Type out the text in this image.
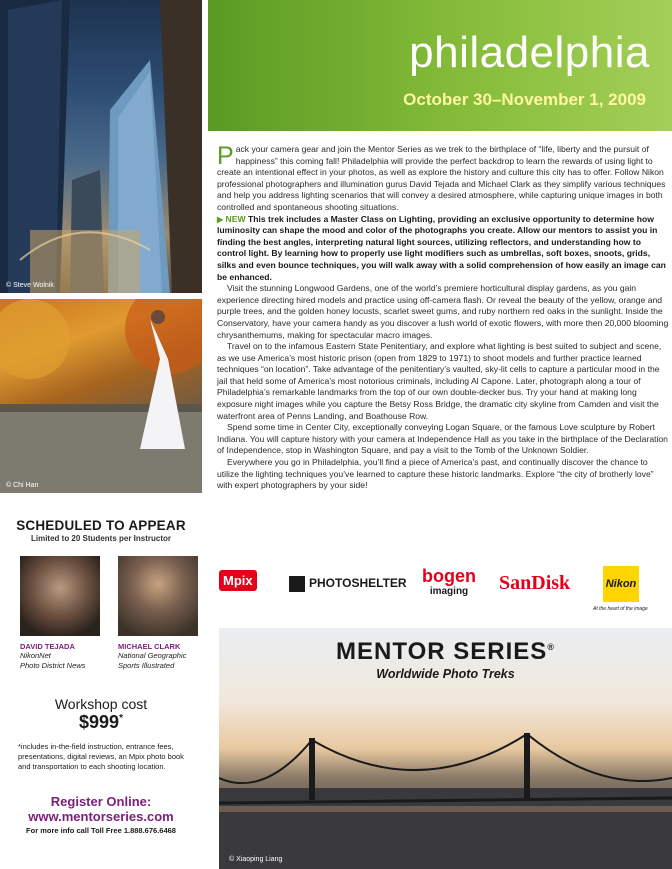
© Steve Wolnik
© Chi Han
SCHEDULED TO APPEAR
Limited to 20 Students per Instructor
DAVID TEJADA
NikonNet
Photo District News
MICHAEL CLARK
National Geographic
Sports Illustrated
Workshop cost
$999*
*includes in-the-field instruction, entrance fees, presentations, digital reviews, an Mpix photo book and transportation to each shooting location.
Register Online:
www.mentorseries.com
For more info call Toll Free 1.888.676.6468
philadelphia
October 30–November 1, 2009

Pack your camera gear and join the Mentor Series as we trek to the birthplace of “life, liberty and the pursuit of happiness” this coming fall! Philadelphia will provide the perfect backdrop to learn the rewards of using light to create an intentional effect in your photos, as well as explore the history and culture this city has to offer. Follow Nikon professional photographers and illumination gurus David Tejada and Michael Clark as they simplify various techniques and help you address lighting scenarios that will convey a desired atmosphere, while capturing unique images in both controlled and spontaneous shooting situations.

▶ NEW This trek includes a Master Class on Lighting, providing an exclusive opportunity to determine how luminosity can shape the mood and color of the photographs you create. Allow our mentors to assist you in finding the best angles, interpreting natural light sources, utilizing reflectors, and understanding how to control light. By learning how to properly use light modifiers such as umbrellas, soft boxes, snoots, grids, silks and even bounce techniques, you will walk away with a solid comprehension of how easily an image can be enhanced.

Visit the stunning Longwood Gardens, one of the world’s premiere horticultural display gardens, as you gain experience directing hired models and practice using off-camera flash. Or reveal the beauty of the yellow, orange and purple trees, and the golden honey locusts, scarlet sweet gums, and ruby northern red oaks in the sunlight. Inside the Conservatory, have your camera handy as you discover a lush world of exotic flowers, with more then 20,000 blooming chrysanthemums, making for spectacular macro images.

Travel on to the infamous Eastern State Penitentiary, and explore what lighting is best suited to subject and scene, as we use America’s most historic prison (open from 1829 to 1971) to shoot models and further practice learned techniques “on location”. Take advantage of the penitentiary’s vaulted, sky-lit cells to capture a particular mood in the jail that held some of America’s most notorious criminals, including Al Capone. Later, photograph along a tour of Philadelphia’s remarkable landmarks from the top of our own double-decker bus. Try your hand at making long exposure night images while you capture the Betsy Ross Bridge, the dramatic city skyline from Camden and visit the waterfront area of Penns Landing, and Boathouse Row.

Spend some time in Center City, exceptionally conveying Logan Square, or the famous Love sculpture by Robert Indiana. You will capture history with your camera at Independence Hall as you take in the birthplace of the Declaration of Independence, stop in Washington Square, and pay a visit to the Tomb of the Unknown Soldier.

Everywhere you go in Philadelphia, you’ll find a piece of America’s past, and continually discover the chance to utilize the lighting techniques you’ve learned to capture these historic landmarks. Explore “the city of brotherly love” with expert photographers by your side!

Mpix	PHOTOSHELTER bogen
imaging	SanDisk	Nikon
At the heart of the image
MENTOR SERIES®
Worldwide Photo Treks
© Xiaoping Liang
